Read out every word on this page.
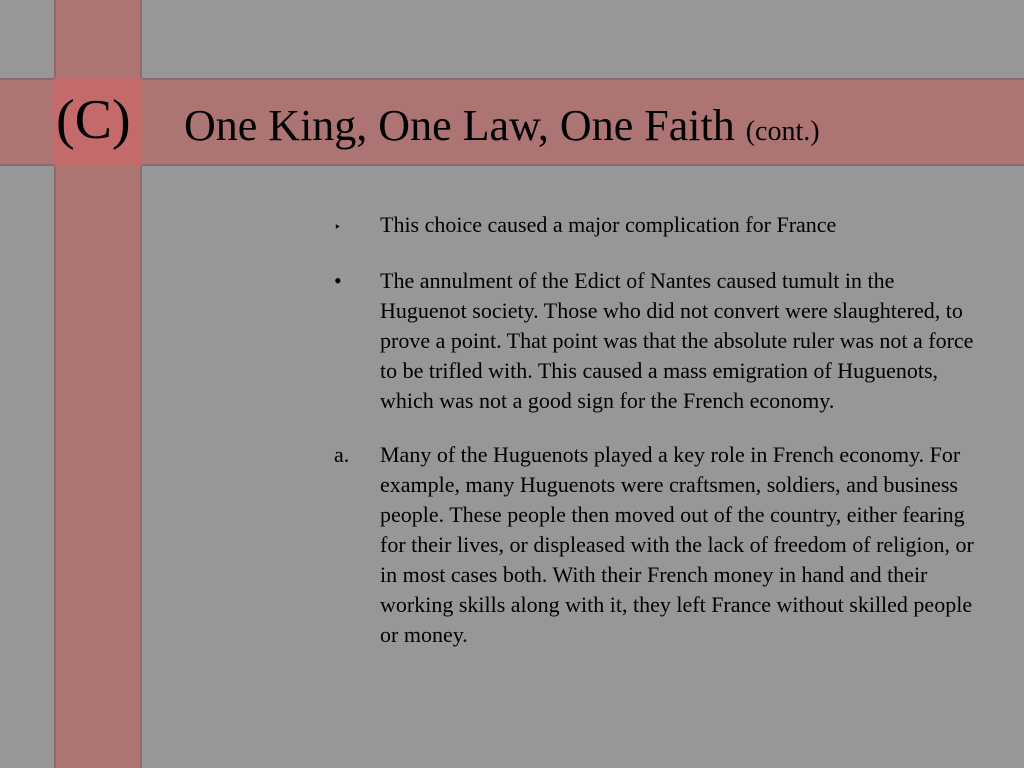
(C) One King, One Law, One Faith (cont.)
‣	This choice caused a major complication for France
•	The annulment of the Edict of Nantes caused tumult in the Huguenot society. Those who did not convert were slaughtered, to prove a point. That point was that the absolute ruler was not a force to be trifled with. This caused a mass emigration of Huguenots, which was not a good sign for the French economy.
a.	Many of the Huguenots played a key role in French economy. For example, many Huguenots were craftsmen, soldiers, and business people. These people then moved out of the country, either fearing for their lives, or displeased with the lack of freedom of religion, or in most cases both. With their French money in hand and their working skills along with it, they left France without skilled people or money.
